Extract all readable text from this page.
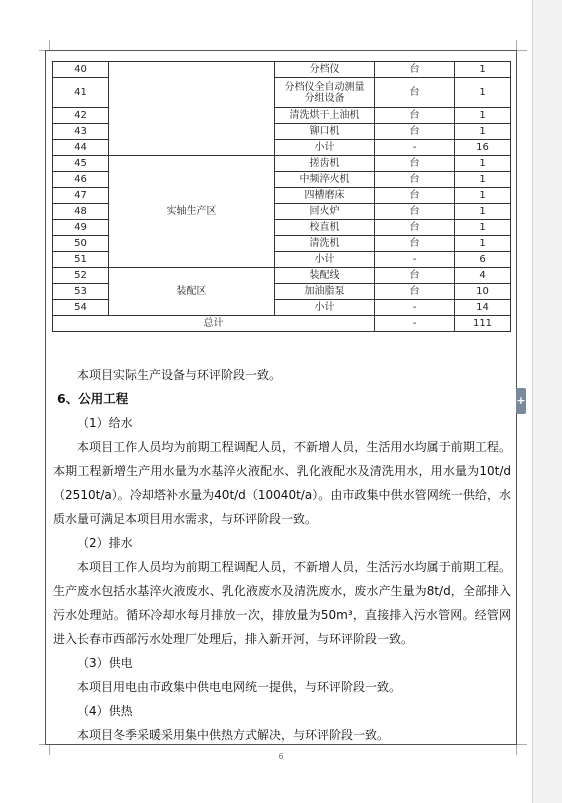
40		分档仪	台	1
41		分档仪全自动测量分组设备	台	1
42		清洗烘干上油机	台	1
43		铆口机	台	1
44		小计	-	16
45	实轴生产区	搓齿机	台	1
46		中频淬火机	台	1
47		四槽磨床	台	1
48		回火炉	台	1
49		校直机	台	1
50		清洗机	台	1
51		小计	-	6
52	装配区	装配线	台	4
53		加油脂泵	台	10
54		小计	-	14
总计			-	111

本项目实际生产设备与环评阶段一致。

6、公用工程

（1）给水

本项目工作人员均为前期工程调配人员，不新增人员，生活用水均属于前期工程。本期工程新增生产用水量为水基淬火液配水、乳化液配水及清洗用水，用水量为10t/d（2510t/a）。冷却塔补水量为40t/d（10040t/a）。由市政集中供水管网统一供给，水质水量可满足本项目用水需求，与环评阶段一致。

（2）排水

本项目工作人员均为前期工程调配人员，不新增人员，生活污水均属于前期工程。生产废水包括水基淬火液废水、乳化液废水及清洗废水，废水产生量为8t/d，全部排入污水处理站。循环冷却水每月排放一次，排放量为50m³，直接排入污水管网。经管网进入长春市西部污水处理厂处理后，排入新开河，与环评阶段一致。

（3）供电

本项目用电由市政集中供电电网统一提供，与环评阶段一致。

（4）供热

本项目冬季采暖采用集中供热方式解决，与环评阶段一致。

6
+
